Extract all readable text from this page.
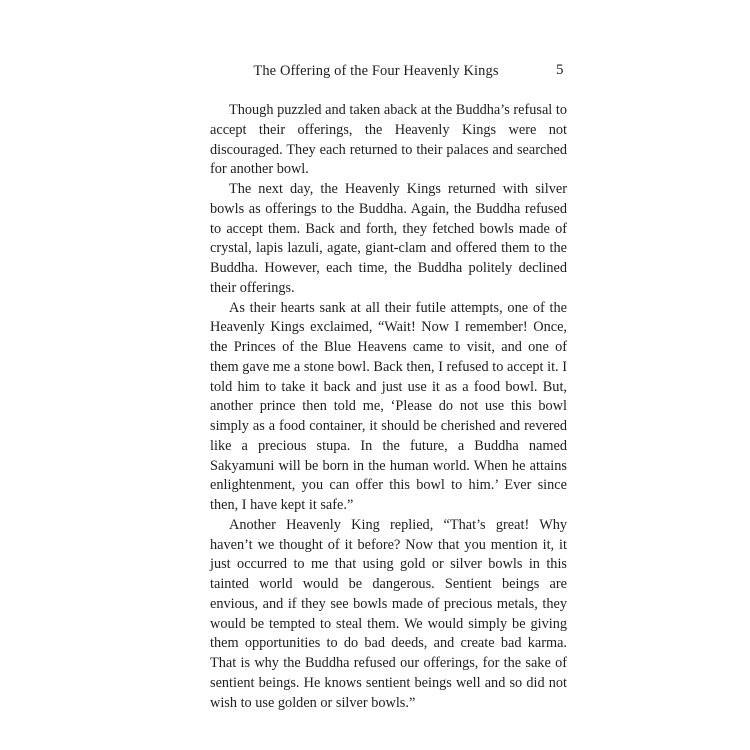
The Offering of the Four Heavenly Kings	5

Though puzzled and taken aback at the Buddha’s refusal to accept their offerings, the Heavenly Kings were not discouraged. They each returned to their palaces and searched for another bowl.

The next day, the Heavenly Kings returned with silver bowls as offerings to the Buddha. Again, the Buddha refused to accept them. Back and forth, they fetched bowls made of crystal, lapis lazuli, agate, giant-clam and offered them to the Buddha. However, each time, the Buddha politely declined their offerings.

As their hearts sank at all their futile attempts, one of the Heavenly Kings exclaimed, “Wait! Now I remember! Once, the Princes of the Blue Heavens came to visit, and one of them gave me a stone bowl. Back then, I refused to accept it. I told him to take it back and just use it as a food bowl. But, another prince then told me, ‘Please do not use this bowl simply as a food container, it should be cherished and revered like a precious stupa. In the future, a Buddha named Sakyamuni will be born in the human world. When he attains enlightenment, you can offer this bowl to him.’ Ever since then, I have kept it safe.”

Another Heavenly King replied, “That’s great! Why haven’t we thought of it before? Now that you mention it, it just occurred to me that using gold or silver bowls in this tainted world would be dangerous. Sentient beings are envious, and if they see bowls made of precious metals, they would be tempted to steal them. We would simply be giving them opportunities to do bad deeds, and create bad karma. That is why the Buddha refused our offerings, for the sake of sentient beings. He knows sentient beings well and so did not wish to use golden or silver bowls.”
